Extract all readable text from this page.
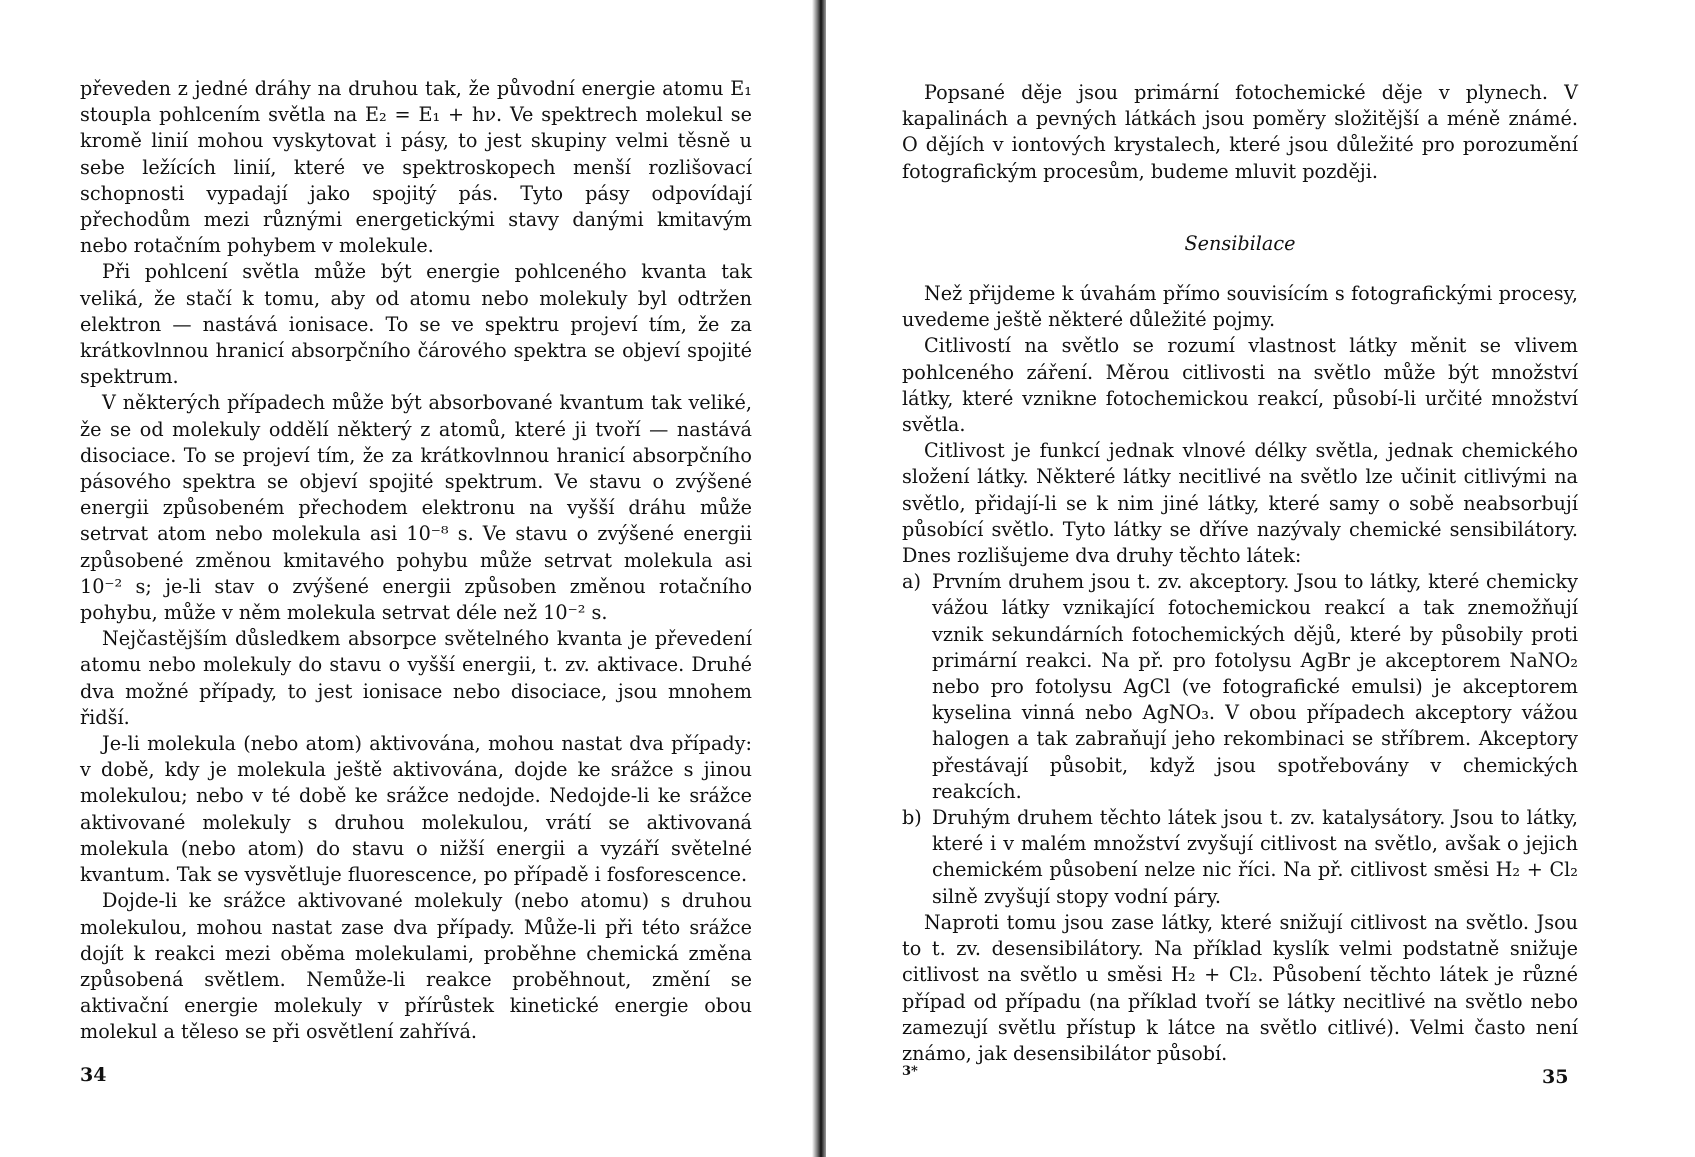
převeden z jedné dráhy na druhou tak, že původní energie atomu E₁ stoupla pohlcením světla na E₂ = E₁ + hν. Ve spektrech molekul se kromě linií mohou vyskytovat i pásy, to jest skupiny velmi těsně u sebe ležících linií, které ve spektroskopech menší rozlišovací schopnosti vypadají jako spojitý pás. Tyto pásy odpovídají přechodům mezi různými energetickými stavy danými kmitavým nebo rotačním pohybem v molekule.

Při pohlcení světla může být energie pohlceného kvanta tak veliká, že stačí k tomu, aby od atomu nebo molekuly byl odtržen elektron — nastává ionisace. To se ve spektru projeví tím, že za krátkovlnnou hranicí absorpčního čárového spektra se objeví spojité spektrum.

V některých případech může být absorbované kvantum tak veliké, že se od molekuly oddělí některý z atomů, které ji tvoří — nastává disociace. To se projeví tím, že za krátkovlnnou hranicí absorpčního pásového spektra se objeví spojité spektrum. Ve stavu o zvýšené energii způsobeném přechodem elektronu na vyšší dráhu může setrvat atom nebo molekula asi 10⁻⁸ s. Ve stavu o zvýšené energii způsobené změnou kmitavého pohybu může setrvat molekula asi 10⁻² s; je-li stav o zvýšené energii způsoben změnou rotačního pohybu, může v něm molekula setrvat déle než 10⁻² s.

Nejčastějším důsledkem absorpce světelného kvanta je převedení atomu nebo molekuly do stavu o vyšší energii, t. zv. aktivace. Druhé dva možné případy, to jest ionisace nebo disociace, jsou mnohem řidší.

Je-li molekula (nebo atom) aktivována, mohou nastat dva případy: v době, kdy je molekula ještě aktivována, dojde ke srážce s jinou molekulou; nebo v té době ke srážce nedojde. Nedojde-li ke srážce aktivované molekuly s druhou molekulou, vrátí se aktivovaná molekula (nebo atom) do stavu o nižší energii a vyzáří světelné kvantum. Tak se vysvětluje fluorescence, po případě i fosforescence.

Dojde-li ke srážce aktivované molekuly (nebo atomu) s druhou molekulou, mohou nastat zase dva případy. Může-li při této srážce dojít k reakci mezi oběma molekulami, proběhne chemická změna způsobená světlem. Nemůže-li reakce proběhnout, změní se aktivační energie molekuly v přírůstek kinetické energie obou molekul a těleso se při osvětlení zahřívá.

34

Popsané děje jsou primární fotochemické děje v plynech. V kapalinách a pevných látkách jsou poměry složitější a méně známé. O dějích v iontových krystalech, které jsou důležité pro porozumění fotografickým procesům, budeme mluvit později.

Sensibilace

Než přijdeme k úvahám přímo souvisícím s fotografickými procesy, uvedeme ještě některé důležité pojmy.

Citlivostí na světlo se rozumí vlastnost látky měnit se vlivem pohlceného záření. Měrou citlivosti na světlo může být množství látky, které vznikne fotochemickou reakcí, působí-li určité množství světla.

Citlivost je funkcí jednak vlnové délky světla, jednak chemického složení látky. Některé látky necitlivé na světlo lze učinit citlivými na světlo, přidají-li se k nim jiné látky, které samy o sobě neabsorbují působící světlo. Tyto látky se dříve nazývaly chemické sensibilátory. Dnes rozlišujeme dva druhy těchto látek:

a) Prvním druhem jsou t. zv. akceptory. Jsou to látky, které chemicky vážou látky vznikající fotochemickou reakcí a tak znemožňují vznik sekundárních fotochemických dějů, které by působily proti primární reakci. Na př. pro fotolysu AgBr je akceptorem NaNO₂ nebo pro fotolysu AgCl (ve fotografické emulsi) je akceptorem kyselina vinná nebo AgNO₃. V obou případech akceptory vážou halogen a tak zabraňují jeho rekombinaci se stříbrem. Akceptory přestávají působit, když jsou spotřebovány v chemických reakcích.
b) Druhým druhem těchto látek jsou t. zv. katalysátory. Jsou to látky, které i v malém množství zvyšují citlivost na světlo, avšak o jejich chemickém působení nelze nic říci. Na př. citlivost směsi H₂ + Cl₂ silně zvyšují stopy vodní páry.

Naproti tomu jsou zase látky, které snižují citlivost na světlo. Jsou to t. zv. desensibilátory. Na příklad kyslík velmi podstatně snižuje citlivost na světlo u směsi H₂ + Cl₂. Působení těchto látek je různé případ od případu (na příklad tvoří se látky necitlivé na světlo nebo zamezují světlu přístup k látce na světlo citlivé). Velmi často není známo, jak desensibilátor působí.

3*	35
